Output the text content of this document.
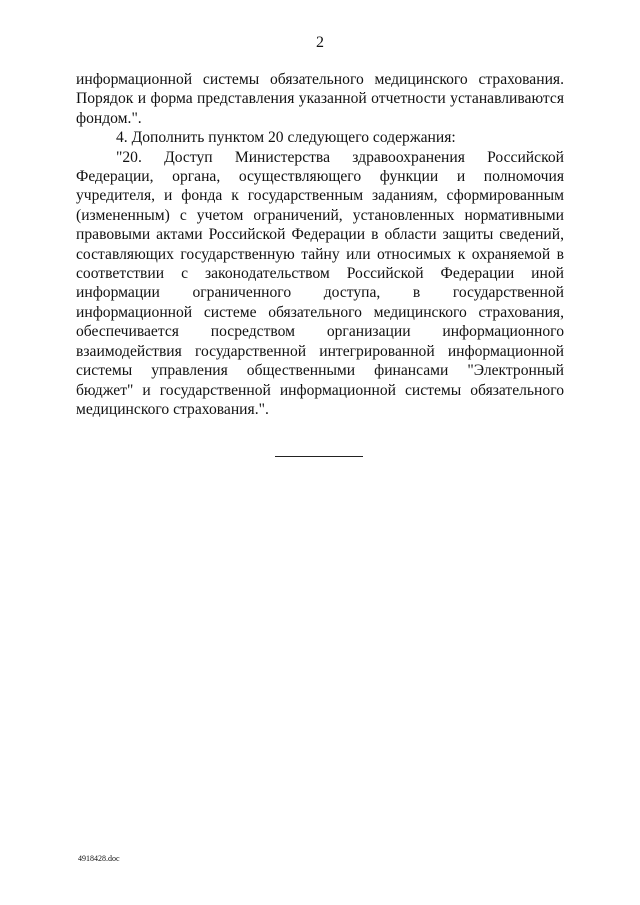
2

информационной системы обязательного медицинского страхования. Порядок и форма представления указанной отчетности устанавливаются фондом.".

4. Дополнить пунктом 20 следующего содержания:

"20. Доступ Министерства здравоохранения Российской Федерации, органа, осуществляющего функции и полномочия учредителя, и фонда к государственным заданиям, сформированным (измененным) с учетом ограничений, установленных нормативными правовыми актами Российской Федерации в области защиты сведений, составляющих государственную тайну или относимых к охраняемой в соответствии с законодательством Российской Федерации иной информации ограниченного доступа, в государственной информационной системе обязательного медицинского страхования, обеспечивается посредством организации информационного взаимодействия государственной интегрированной информационной системы управления общественными финансами "Электронный бюджет" и государственной информационной системы обязательного медицинского страхования.".

4918428.doc
